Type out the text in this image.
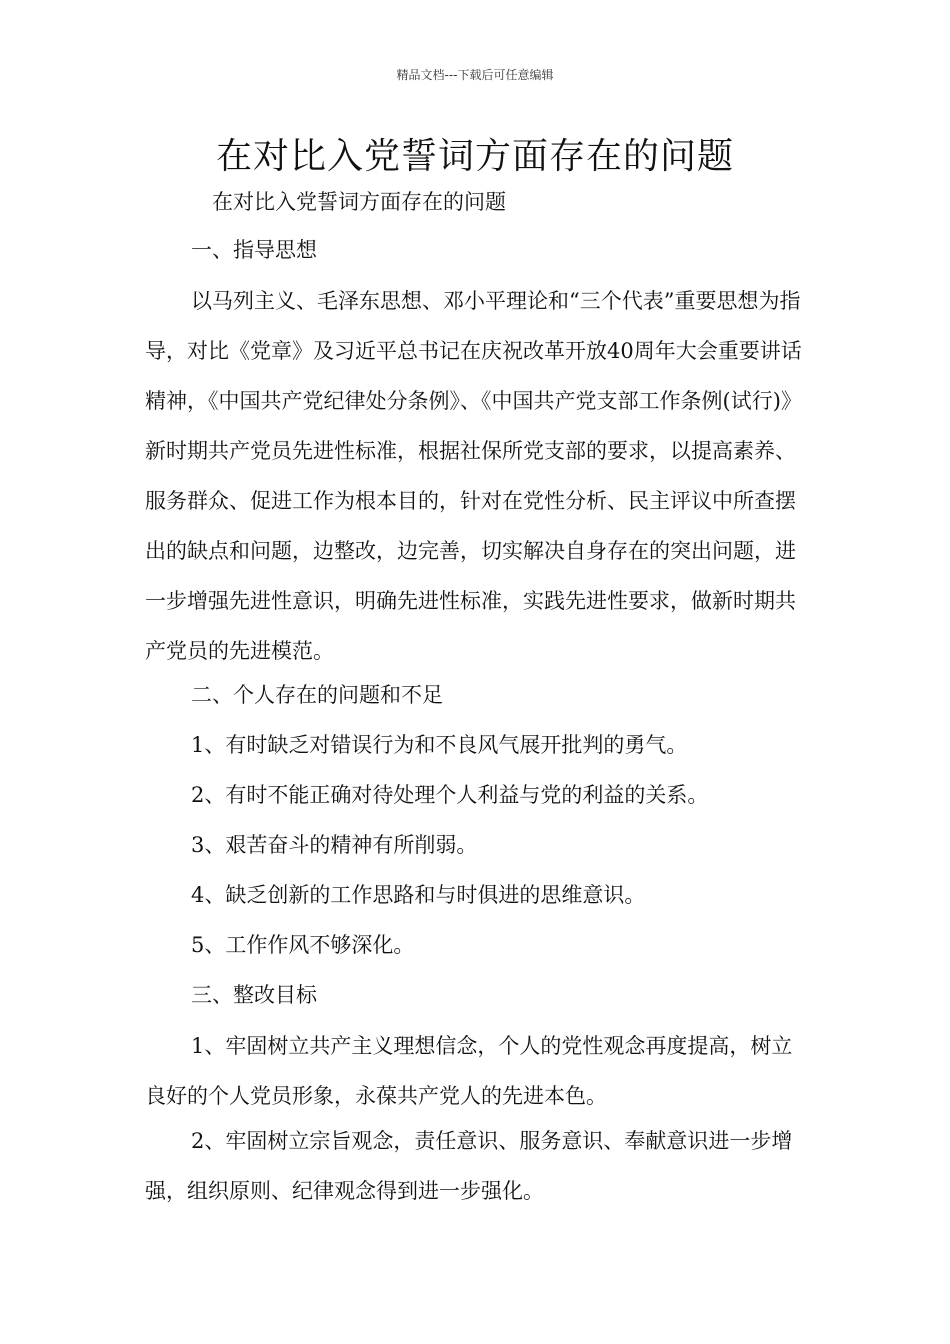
精品文档---下载后可任意编辑
在对比入党誓词方面存在的问题
在对比入党誓词方面存在的问题

一、指导思想

以马列主义、毛泽东思想、邓小平理论和“三个代表”重要思想为指导，对比《党章》及习近平总书记在庆祝改革开放40周年大会重要讲话精神，《中国共产党纪律处分条例》、《中国共产党支部工作条例(试行)》新时期共产党员先进性标准，根据社保所党支部的要求，以提高素养、服务群众、促进工作为根本目的，针对在党性分析、民主评议中所查摆出的缺点和问题，边整改，边完善，切实解决自身存在的突出问题，进一步增强先进性意识，明确先进性标准，实践先进性要求，做新时期共产党员的先进模范。

二、个人存在的问题和不足

1、有时缺乏对错误行为和不良风气展开批判的勇气。

2、有时不能正确对待处理个人利益与党的利益的关系。

3、艰苦奋斗的精神有所削弱。

4、缺乏创新的工作思路和与时俱进的思维意识。

5、工作作风不够深化。

三、整改目标

1、牢固树立共产主义理想信念，个人的党性观念再度提高，树立良好的个人党员形象，永葆共产党人的先进本色。

2、牢固树立宗旨观念，责任意识、服务意识、奉献意识进一步增强，组织原则、纪律观念得到进一步强化。
